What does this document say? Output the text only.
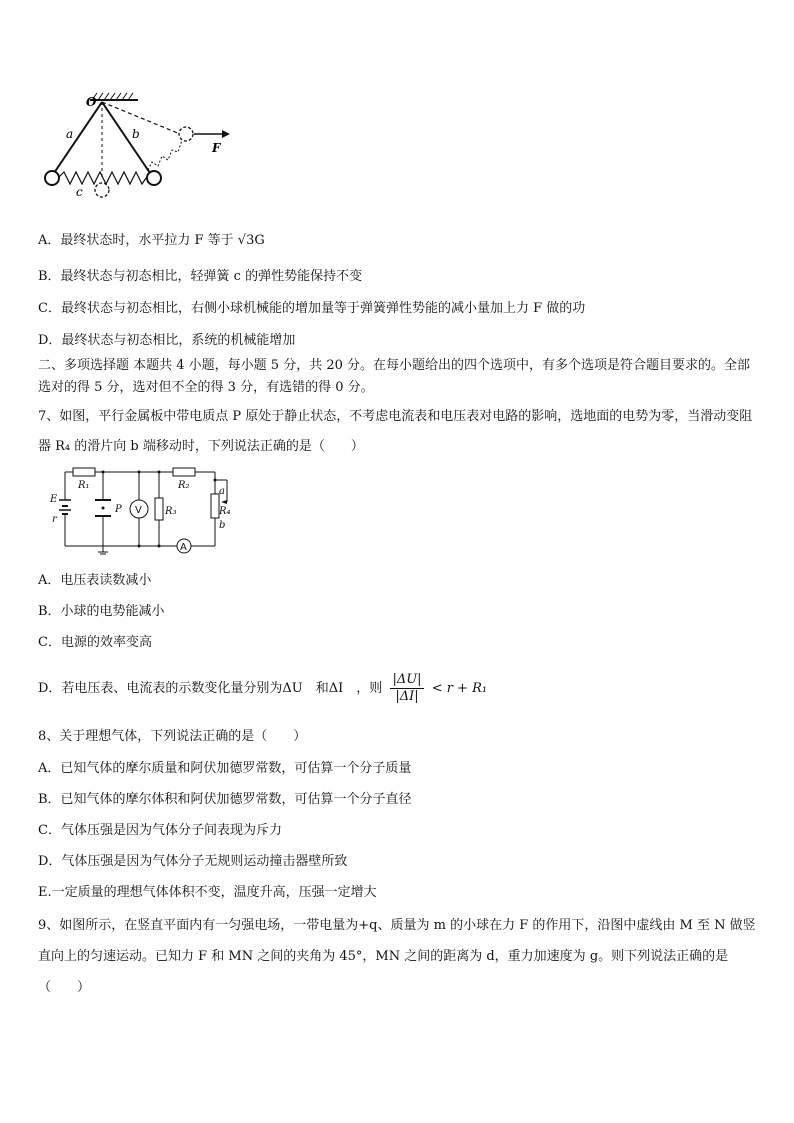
O
a	b
c
F
A．最终状态时，水平拉力 F 等于 √3G
B．最终状态与初态相比，轻弹簧 c 的弹性势能保持不变
C．最终状态与初态相比，右侧小球机械能的增加量等于弹簧弹性势能的减小量加上力 F 做的功
D．最终状态与初态相比，系统的机械能增加
二、多项选择题 本题共 4 小题，每小题 5 分，共 20 分。在每小题给出的四个选项中，有多个选项是符合题目要求的。全部选对的得 5 分，选对但不全的得 3 分，有选错的得 0 分。
7、如图，平行金属板中带电质点 P 原处于静止状态，不考虑电流表和电压表对电路的影响，选地面的电势为零，当滑动变阻器 R₄ 的滑片向 b 端移动时，下列说法正确的是（　　）
E
r
R₁	R₂
R₃	R₄
P
a
b
V
A
A．电压表读数减小
B．小球的电势能减小
C．电源的效率变高
D．若电压表、电流表的示数变化量分别为ΔU　和ΔI　，则 $\frac{|\Delta U|}{|\Delta I|} < r + R_1$
8、关于理想气体，下列说法正确的是（　　）
A．已知气体的摩尔质量和阿伏加德罗常数，可估算一个分子质量
B．已知气体的摩尔体积和阿伏加德罗常数，可估算一个分子直径
C．气体压强是因为气体分子间表现为斥力
D．气体压强是因为气体分子无规则运动撞击器壁所致
E.一定质量的理想气体体积不变，温度升高，压强一定增大
9、如图所示，在竖直平面内有一匀强电场，一带电量为+q、质量为 m 的小球在力 F 的作用下，沿图中虚线由 M 至 N 做竖直向上的匀速运动。已知力 F 和 MN 之间的夹角为 45°，MN 之间的距离为 d，重力加速度为 g。则下列说法正确的是（　　）
